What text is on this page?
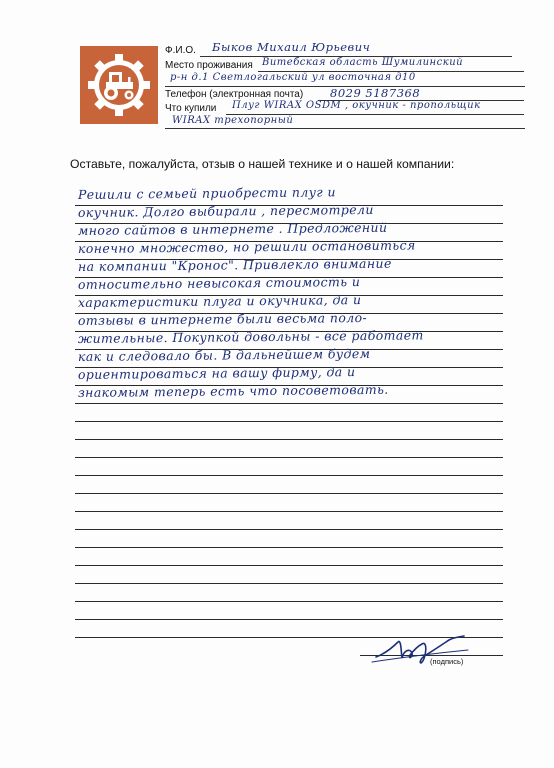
Ф.И.О. Быков Михаил Юрьевич
Место проживания Витебская область Шумилинский
р-н д.1 Светлогальский ул восточная д10
Телефон (электронная почта) 8029 5187368
Что купили Плуг WIRAX OSDM , окучник - пропольщик
WIRAX трехопорный
Оставьте, пожалуйста, отзыв о нашей технике и о нашей компании:
Решили с семьей приобрести плуг и
окучник. Долго выбирали , пересмотрели
много сайтов в интернете . Предложений
конечно множество, но решили остановиться
на компании "Кронос". Привлекло внимание
относительно невысокая стоимость и
характеристики плуга и окучника, да и
отзывы в интернете были весьма поло-
жительные. Покупкой довольны - всё работает
как и следовало бы. В дальнейшем будем
ориентироваться на вашу фирму, да и
знакомым теперь есть что посоветовать.
(подпись)
